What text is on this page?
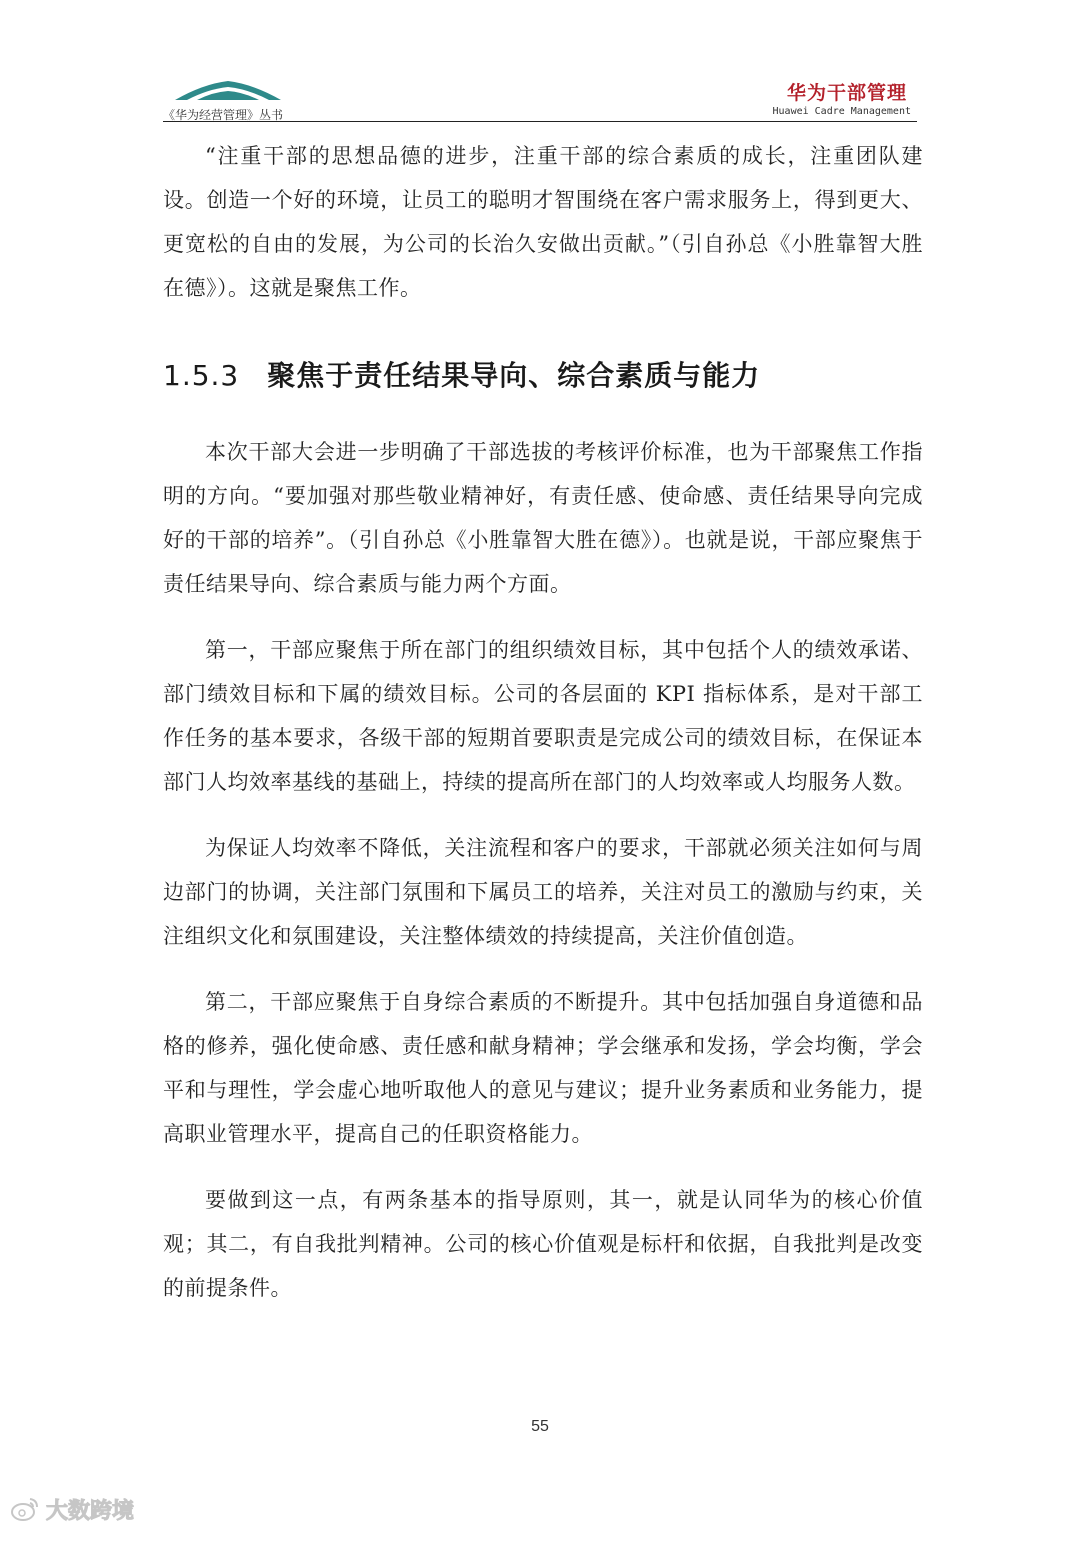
《华为经营管理》丛书
华为干部管理
Huawei Cadre Management

“注重干部的思想品德的进步，注重干部的综合素质的成长，注重团队建设。创造一个好的环境，让员工的聪明才智围绕在客户需求服务上，得到更大、更宽松的自由的发展，为公司的长治久安做出贡献。”（引自孙总《小胜靠智大胜在德》）。这就是聚焦工作。

1.5.3 聚焦于责任结果导向、综合素质与能力

本次干部大会进一步明确了干部选拔的考核评价标准，也为干部聚焦工作指明的方向。“要加强对那些敬业精神好，有责任感、使命感、责任结果导向完成好的干部的培养”。（引自孙总《小胜靠智大胜在德》）。也就是说，干部应聚焦于责任结果导向、综合素质与能力两个方面。

第一，干部应聚焦于所在部门的组织绩效目标，其中包括个人的绩效承诺、部门绩效目标和下属的绩效目标。公司的各层面的 KPI 指标体系，是对干部工作任务的基本要求，各级干部的短期首要职责是完成公司的绩效目标，在保证本部门人均效率基线的基础上，持续的提高所在部门的人均效率或人均服务人数。

为保证人均效率不降低，关注流程和客户的要求，干部就必须关注如何与周边部门的协调，关注部门氛围和下属员工的培养，关注对员工的激励与约束，关注组织文化和氛围建设，关注整体绩效的持续提高，关注价值创造。

第二，干部应聚焦于自身综合素质的不断提升。其中包括加强自身道德和品格的修养，强化使命感、责任感和献身精神；学会继承和发扬，学会均衡，学会平和与理性，学会虚心地听取他人的意见与建议；提升业务素质和业务能力，提高职业管理水平，提高自己的任职资格能力。

要做到这一点，有两条基本的指导原则，其一，就是认同华为的核心价值观；其二，有自我批判精神。公司的核心价值观是标杆和依据，自我批判是改变的前提条件。

55
大数跨境
